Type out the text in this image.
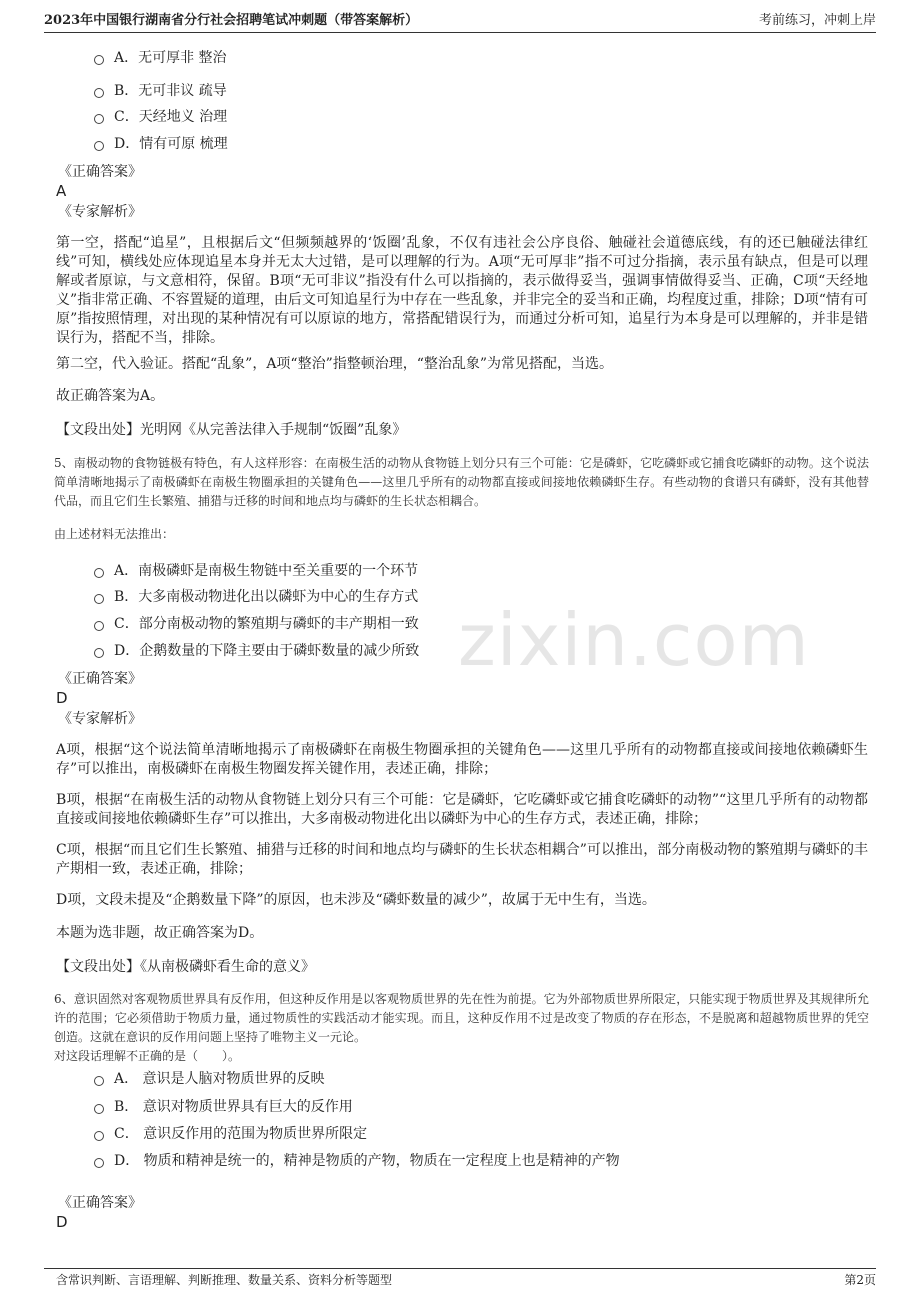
zixin.com
2023年中国银行湖南省分行社会招聘笔试冲刺题（带答案解析）	考前练习，冲刺上岸
A．无可厚非 整治
B．无可非议 疏导
C．天经地义 治理
D．情有可原 梳理
《正确答案》
A
《专家解析》
第一空，搭配“追星”，且根据后文“但频频越界的‘饭圈’乱象，不仅有违社会公序良俗、触碰社会道德底线，有的还已触碰法律红线”可知，横线处应体现追星本身并无太大过错，是可以理解的行为。A项“无可厚非”指不可过分指摘，表示虽有缺点，但是可以理解或者原谅，与文意相符，保留。B项“无可非议”指没有什么可以指摘的，表示做得妥当，强调事情做得妥当、正确，C项“天经地义”指非常正确、不容置疑的道理，由后文可知追星行为中存在一些乱象，并非完全的妥当和正确，均程度过重，排除；D项“情有可原”指按照情理，对出现的某种情况有可以原谅的地方，常搭配错误行为，而通过分析可知，追星行为本身是可以理解的，并非是错误行为，搭配不当，排除。
第二空，代入验证。搭配“乱象”，A项“整治”指整顿治理，“整治乱象”为常见搭配，当选。
故正确答案为A。
【文段出处】光明网《从完善法律入手规制“饭圈”乱象》
5、南极动物的食物链极有特色，有人这样形容：在南极生活的动物从食物链上划分只有三个可能：它是磷虾，它吃磷虾或它捕食吃磷虾的动物。这个说法简单清晰地揭示了南极磷虾在南极生物圈承担的关键角色——这里几乎所有的动物都直接或间接地依赖磷虾生存。有些动物的食谱只有磷虾，没有其他替代品，而且它们生长繁殖、捕猎与迁移的时间和地点均与磷虾的生长状态相耦合。
由上述材料无法推出：
A．南极磷虾是南极生物链中至关重要的一个环节
B．大多南极动物进化出以磷虾为中心的生存方式
C．部分南极动物的繁殖期与磷虾的丰产期相一致
D．企鹅数量的下降主要由于磷虾数量的减少所致
《正确答案》
D
《专家解析》
A项，根据“这个说法简单清晰地揭示了南极磷虾在南极生物圈承担的关键角色——这里几乎所有的动物都直接或间接地依赖磷虾生存”可以推出，南极磷虾在南极生物圈发挥关键作用，表述正确，排除；
B项，根据“在南极生活的动物从食物链上划分只有三个可能：它是磷虾，它吃磷虾或它捕食吃磷虾的动物”“这里几乎所有的动物都直接或间接地依赖磷虾生存”可以推出，大多南极动物进化出以磷虾为中心的生存方式，表述正确，排除；
C项，根据“而且它们生长繁殖、捕猎与迁移的时间和地点均与磷虾的生长状态相耦合”可以推出，部分南极动物的繁殖期与磷虾的丰产期相一致，表述正确，排除；
D项，文段未提及“企鹅数量下降”的原因，也未涉及“磷虾数量的减少”，故属于无中生有，当选。
本题为选非题，故正确答案为D。
【文段出处】《从南极磷虾看生命的意义》
6、意识固然对客观物质世界具有反作用，但这种反作用是以客观物质世界的先在性为前提。它为外部物质世界所限定，只能实现于物质世界及其规律所允许的范围；它必须借助于物质力量，通过物质性的实践活动才能实现。而且，这种反作用不过是改变了物质的存在形态，不是脱离和超越物质世界的凭空创造。这就在意识的反作用问题上坚持了唯物主义一元论。
对这段话理解不正确的是（　　）。
A． 意识是人脑对物质世界的反映
B． 意识对物质世界具有巨大的反作用
C． 意识反作用的范围为物质世界所限定
D． 物质和精神是统一的，精神是物质的产物，物质在一定程度上也是精神的产物
《正确答案》
D
含常识判断、言语理解、判断推理、数量关系、资料分析等题型	第2页
